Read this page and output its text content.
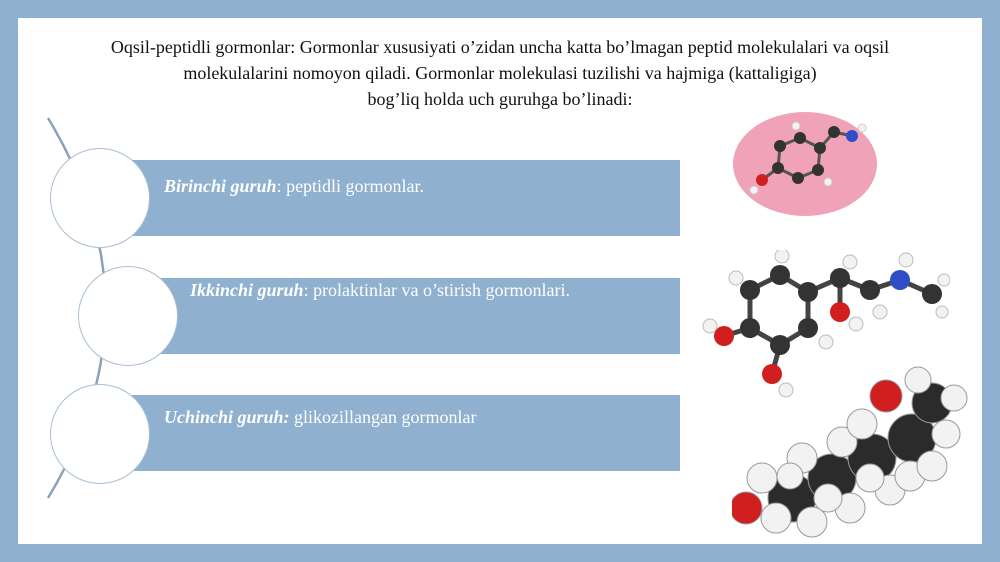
Oqsil-peptidli gormonlar: Gormonlar xususiyati o’zidan uncha katta bo’lmagan peptid molekulalari va oqsil
molekulalarini nomoyon qiladi. Gormonlar molekulasi tuzilishi va hajmiga (kattaligiga)
bog’liq holda uch guruhga bo’linadi:

Birinchi guruh: peptidli gormonlar.
Ikkinchi guruh: prolaktinlar va o’stirish gormonlari.
Uchinchi guruh: glikozillangan gormonlar
